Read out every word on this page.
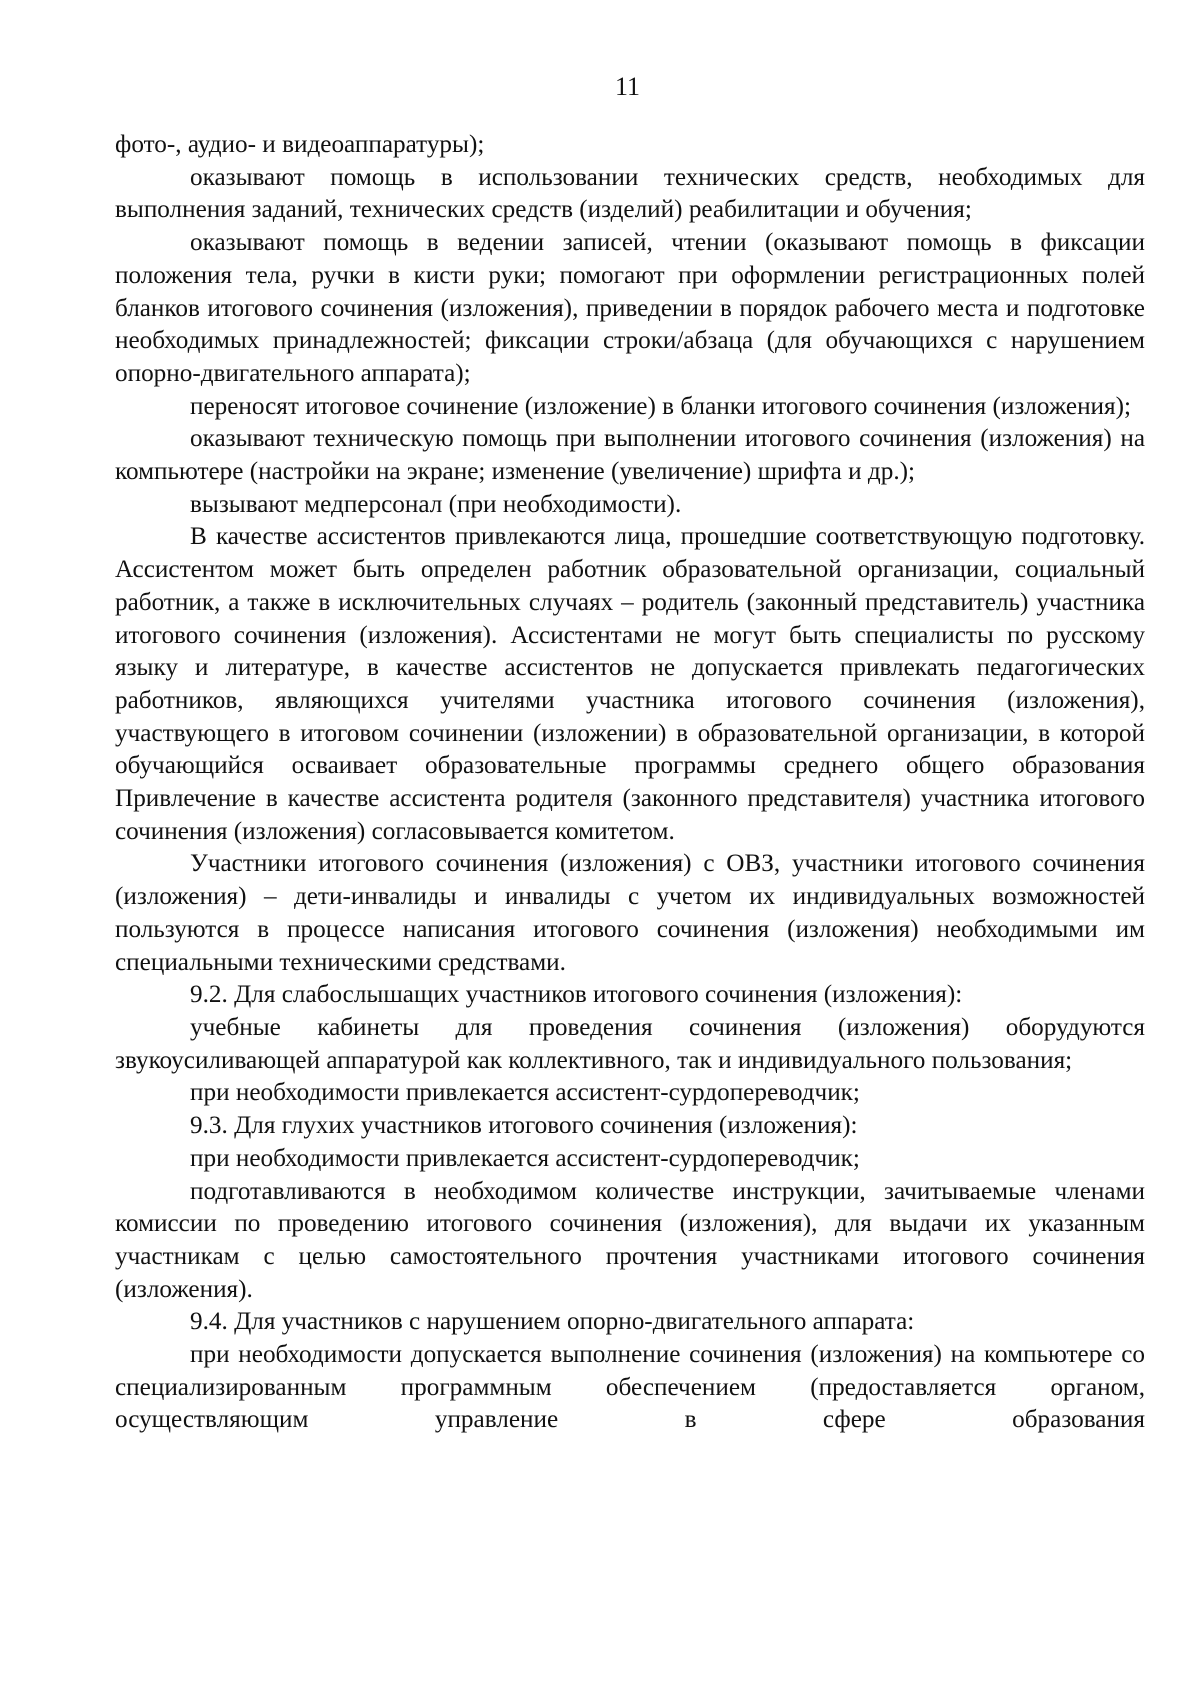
11

фото-, аудио- и видеоаппаратуры);

оказывают помощь в использовании технических средств, необходимых для выполнения заданий, технических средств (изделий) реабилитации и обучения;

оказывают помощь в ведении записей, чтении (оказывают помощь в фиксации положения тела, ручки в кисти руки; помогают при оформлении регистрационных полей бланков итогового сочинения (изложения), приведении в порядок рабочего места и подготовке необходимых принадлежностей; фиксации строки/абзаца (для обучающихся с нарушением опорно-двигательного аппарата);

переносят итоговое сочинение (изложение) в бланки итогового сочинения (изложения);

оказывают техническую помощь при выполнении итогового сочинения (изложения) на компьютере (настройки на экране; изменение (увеличение) шрифта и др.);

вызывают медперсонал (при необходимости).

В качестве ассистентов привлекаются лица, прошедшие соответствующую подготовку. Ассистентом может быть определен работник образовательной организации, социальный работник, а также в исключительных случаях – родитель (законный представитель) участника итогового сочинения (изложения). Ассистентами не могут быть специалисты по русскому языку и литературе, в качестве ассистентов не допускается привлекать педагогических работников, являющихся учителями участника итогового сочинения (изложения), участвующего в итоговом сочинении (изложении) в образовательной организации, в которой обучающийся осваивает образовательные программы среднего общего образования Привлечение в качестве ассистента родителя (законного представителя) участника итогового сочинения (изложения) согласовывается комитетом.

Участники итогового сочинения (изложения) с ОВЗ, участники итогового сочинения (изложения) – дети-инвалиды и инвалиды с учетом их индивидуальных возможностей пользуются в процессе написания итогового сочинения (изложения) необходимыми им специальными техническими средствами.

9.2. Для слабослышащих участников итогового сочинения (изложения):

учебные кабинеты для проведения сочинения (изложения) оборудуются звукоусиливающей аппаратурой как коллективного, так и индивидуального пользования;

при необходимости привлекается ассистент-сурдопереводчик;

9.3. Для глухих участников итогового сочинения (изложения):

при необходимости привлекается ассистент-сурдопереводчик;

подготавливаются в необходимом количестве инструкции, зачитываемые членами комиссии по проведению итогового сочинения (изложения), для выдачи их указанным участникам с целью самостоятельного прочтения участниками итогового сочинения (изложения).

9.4. Для участников с нарушением опорно-двигательного аппарата:

при необходимости допускается выполнение сочинения (изложения) на компьютере со специализированным программным обеспечением (предоставляется органом, осуществляющим управление в сфере образования
